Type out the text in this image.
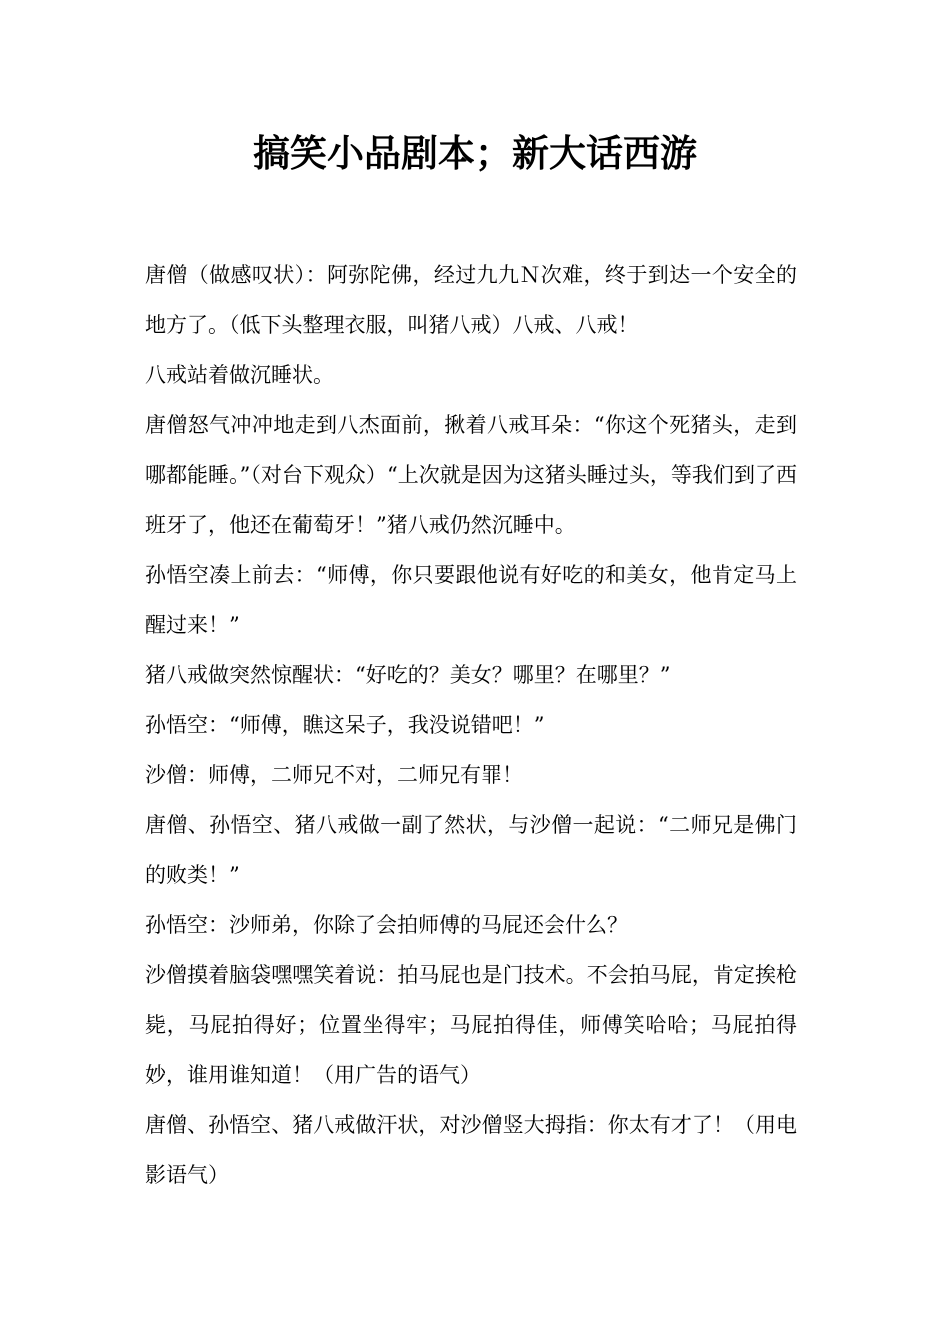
搞笑小品剧本；新大话西游

唐僧（做感叹状）：阿弥陀佛，经过九九Ｎ次难，终于到达一个安全的地方了。（低下头整理衣服，叫猪八戒）八戒、八戒！

八戒站着做沉睡状。

唐僧怒气冲冲地走到八杰面前，揪着八戒耳朵：“你这个死猪头，走到哪都能睡。”（对台下观众）“上次就是因为这猪头睡过头，等我们到了西班牙了，他还在葡萄牙！”猪八戒仍然沉睡中。

孙悟空凑上前去：“师傅，你只要跟他说有好吃的和美女，他肯定马上醒过来！”

猪八戒做突然惊醒状：“好吃的？美女？哪里？在哪里？”

孙悟空：“师傅，瞧这呆子，我没说错吧！”

沙僧：师傅，二师兄不对，二师兄有罪！

唐僧、孙悟空、猪八戒做一副了然状，与沙僧一起说：“二师兄是佛门的败类！”

孙悟空：沙师弟，你除了会拍师傅的马屁还会什么？

沙僧摸着脑袋嘿嘿笑着说：拍马屁也是门技术。不会拍马屁，肯定挨枪毙，马屁拍得好；位置坐得牢；马屁拍得佳，师傅笑哈哈；马屁拍得妙，谁用谁知道！（用广告的语气）

唐僧、孙悟空、猪八戒做汗状，对沙僧竖大拇指：你太有才了！（用电影语气）
